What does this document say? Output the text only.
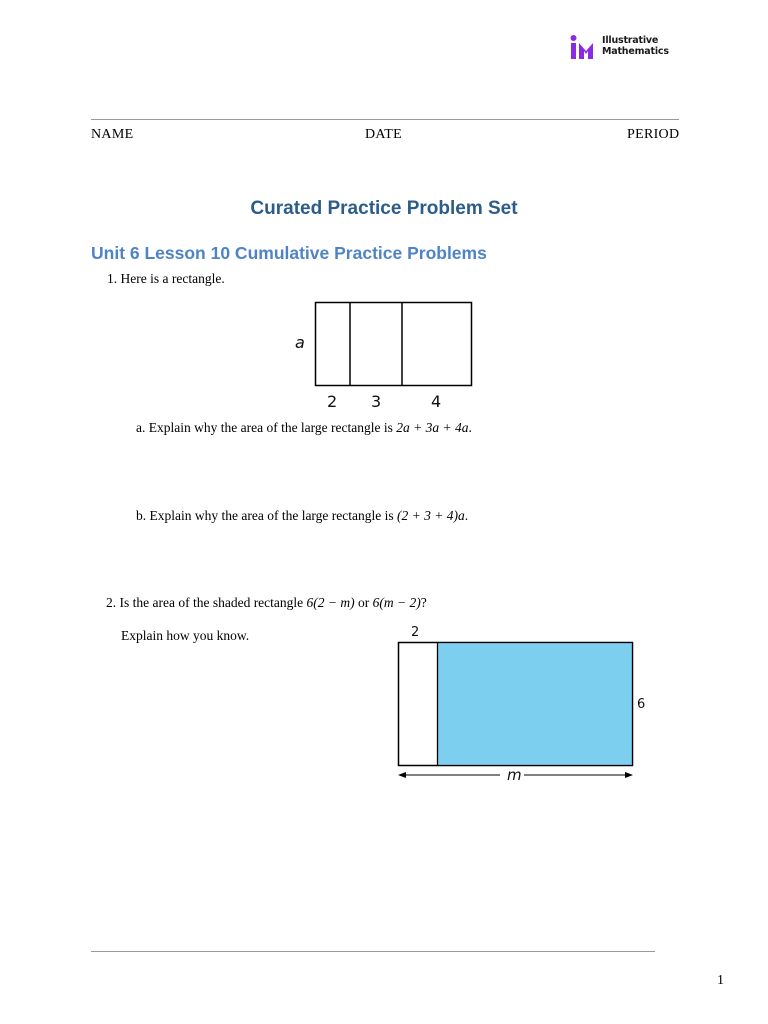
Illustrative
Mathematics
NAME	DATE	PERIOD
Curated Practice Problem Set
Unit 6 Lesson 10 Cumulative Practice Problems
1. Here is a rectangle.
a
2 3	4
a. Explain why the area of the large rectangle is 2a + 3a + 4a.
b. Explain why the area of the large rectangle is (2 + 3 + 4)a.
2. Is the area of the shaded rectangle 6(2 − m) or 6(m − 2)?
Explain how you know.	2
6
m
1
